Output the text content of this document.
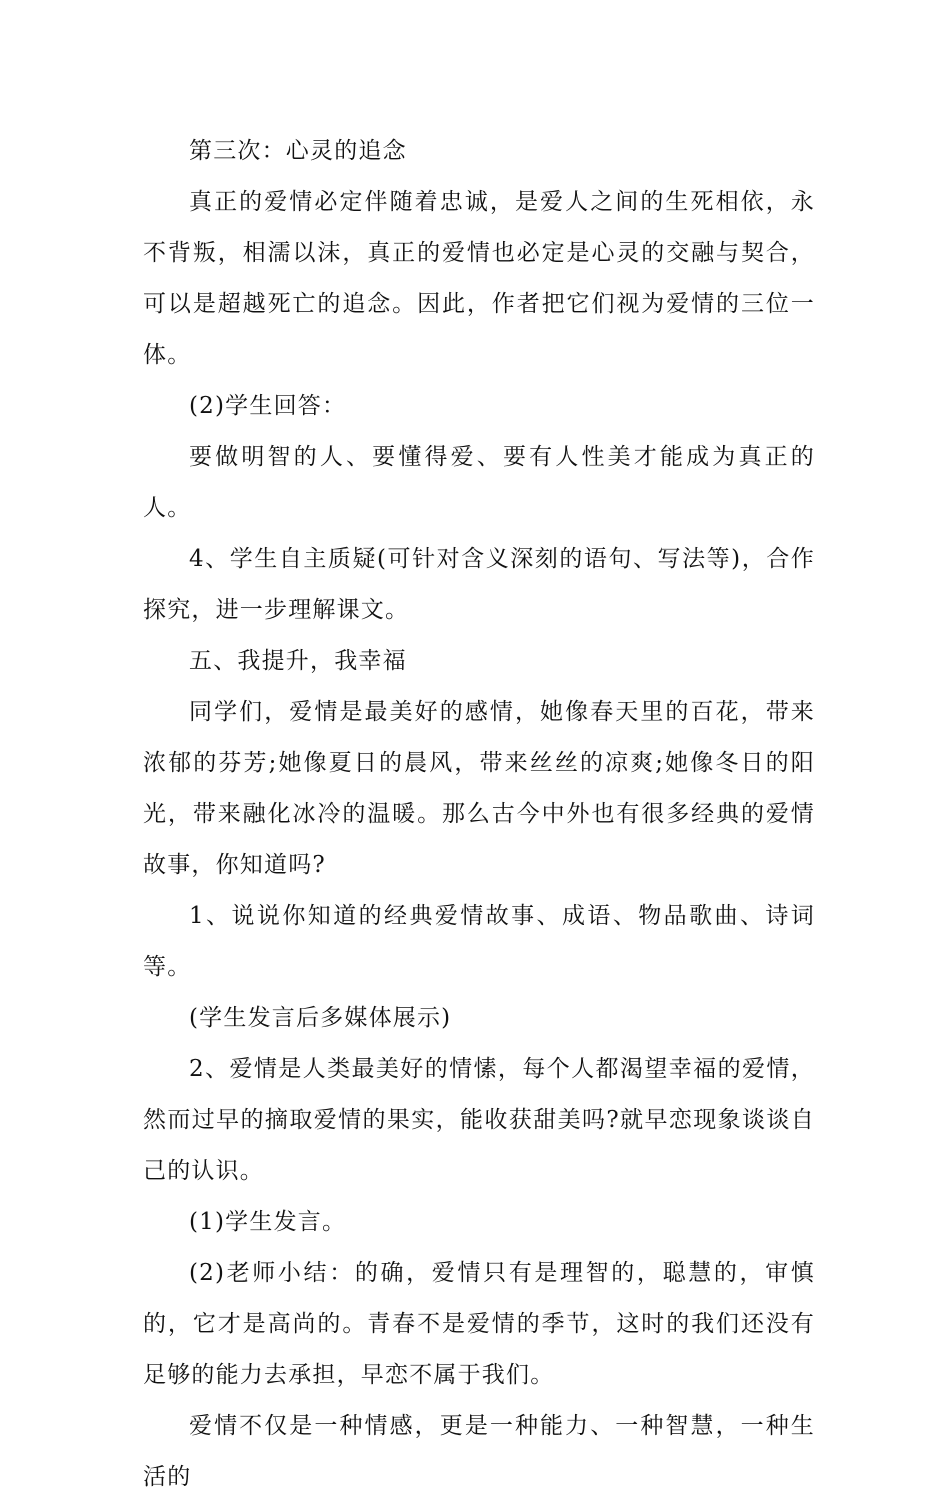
第三次：心灵的追念

真正的爱情必定伴随着忠诚，是爱人之间的生死相依，永不背叛，相濡以沫，真正的爱情也必定是心灵的交融与契合，可以是超越死亡的追念。因此，作者把它们视为爱情的三位一体。

(2)学生回答：

要做明智的人、要懂得爱、要有人性美才能成为真正的人。

4、学生自主质疑(可针对含义深刻的语句、写法等)，合作探究，进一步理解课文。

五、我提升，我幸福

同学们，爱情是最美好的感情，她像春天里的百花，带来浓郁的芬芳;她像夏日的晨风，带来丝丝的凉爽;她像冬日的阳光，带来融化冰冷的温暖。那么古今中外也有很多经典的爱情故事，你知道吗?

1、说说你知道的经典爱情故事、成语、物品歌曲、诗词等。

(学生发言后多媒体展示)

2、爱情是人类最美好的情愫，每个人都渴望幸福的爱情，然而过早的摘取爱情的果实，能收获甜美吗?就早恋现象谈谈自己的认识。

(1)学生发言。

(2)老师小结：的确，爱情只有是理智的，聪慧的，审慎的，它才是高尚的。青春不是爱情的季节，这时的我们还没有足够的能力去承担，早恋不属于我们。

爱情不仅是一种情感，更是一种能力、一种智慧，一种生活的
